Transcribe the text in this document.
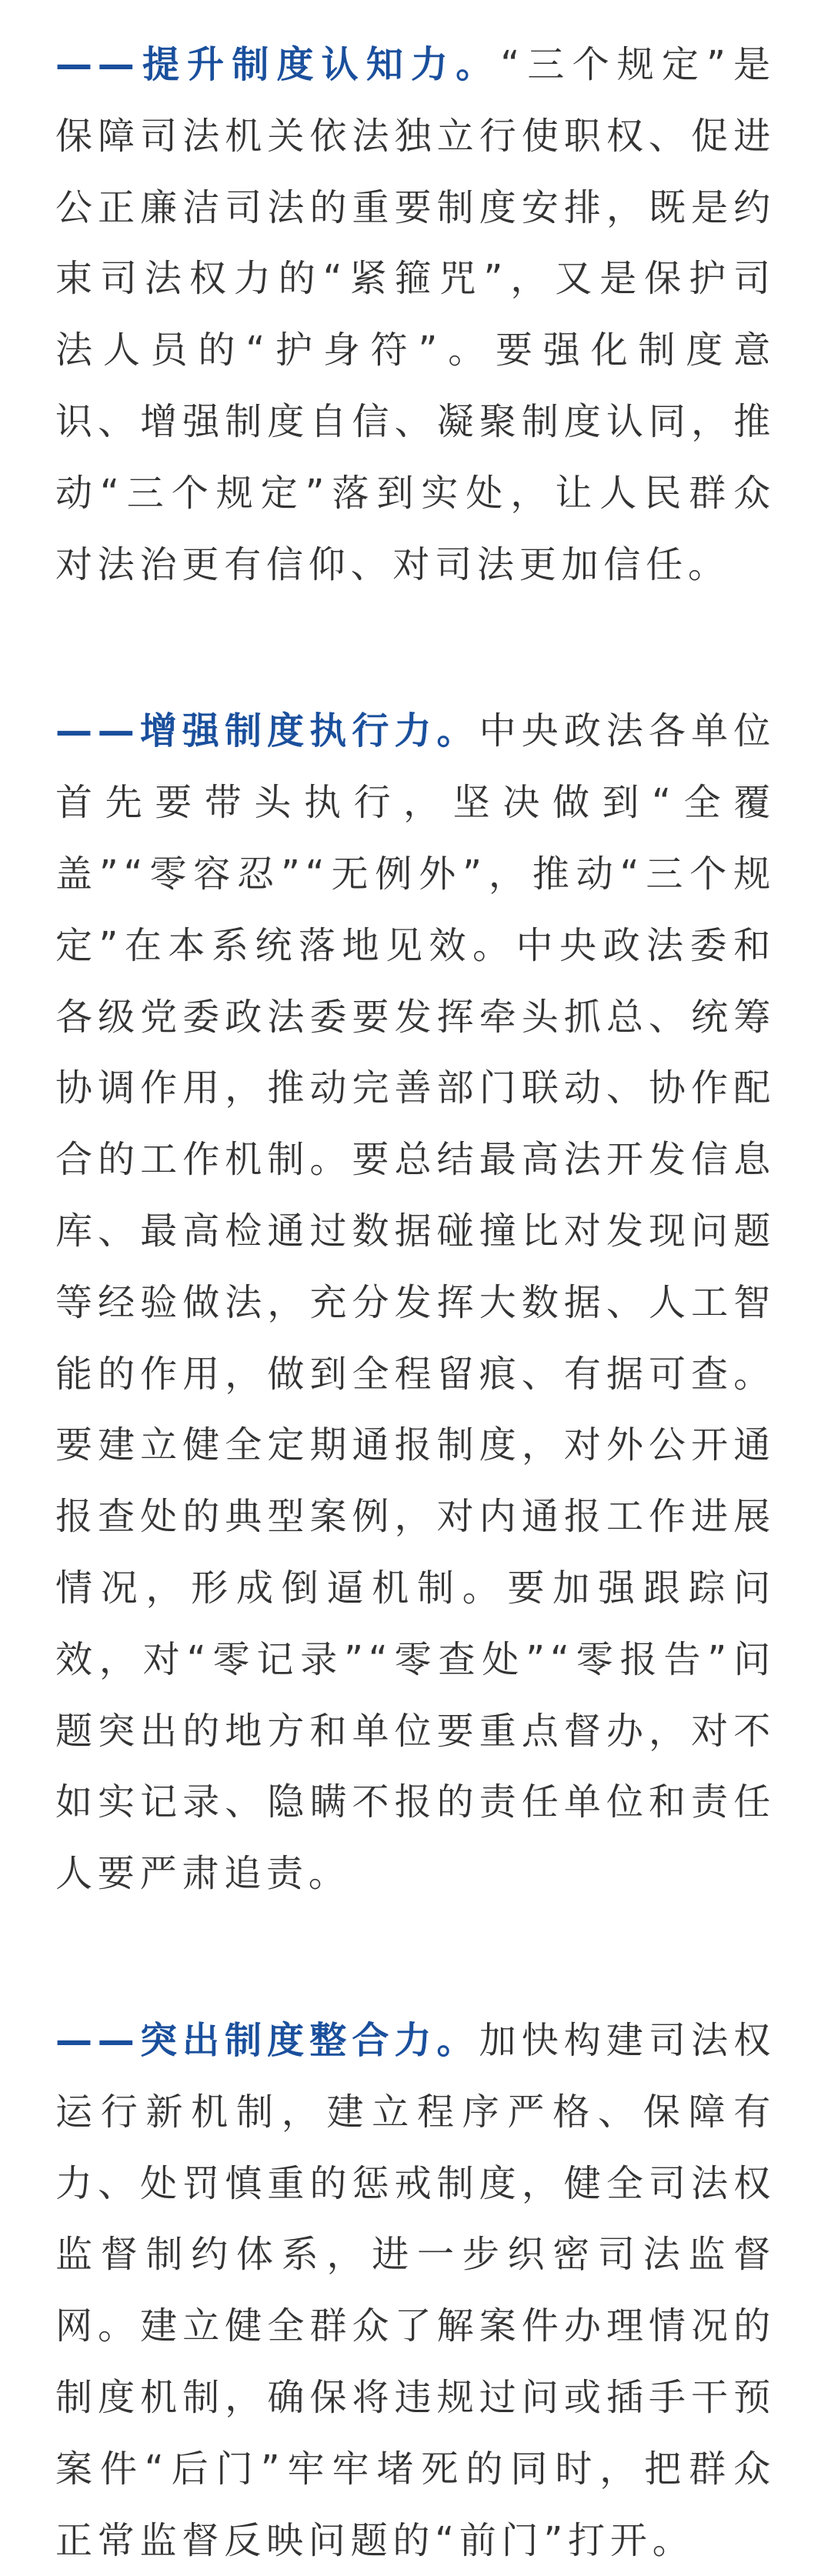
——提升制度认知力。“三个规定”是保障司法机关依法独立行使职权、促进公正廉洁司法的重要制度安排，既是约束司法权力的“紧箍咒”，又是保护司法人员的“护身符”。要强化制度意识、增强制度自信、凝聚制度认同，推动“三个规定”落到实处，让人民群众对法治更有信仰、对司法更加信任。

——增强制度执行力。中央政法各单位首先要带头执行，坚决做到“全覆盖”“零容忍”“无例外”，推动“三个规定”在本系统落地见效。中央政法委和各级党委政法委要发挥牵头抓总、统筹协调作用，推动完善部门联动、协作配合的工作机制。要总结最高法开发信息库、最高检通过数据碰撞比对发现问题等经验做法，充分发挥大数据、人工智能的作用，做到全程留痕、有据可查。要建立健全定期通报制度，对外公开通报查处的典型案例，对内通报工作进展情况，形成倒逼机制。要加强跟踪问效，对“零记录”“零查处”“零报告”问题突出的地方和单位要重点督办，对不如实记录、隐瞒不报的责任单位和责任人要严肃追责。

——突出制度整合力。加快构建司法权运行新机制，建立程序严格、保障有力、处罚慎重的惩戒制度，健全司法权监督制约体系，进一步织密司法监督网。建立健全群众了解案件办理情况的制度机制，确保将违规过问或插手干预案件“后门”牢牢堵死的同时，把群众正常监督反映问题的“前门”打开。
